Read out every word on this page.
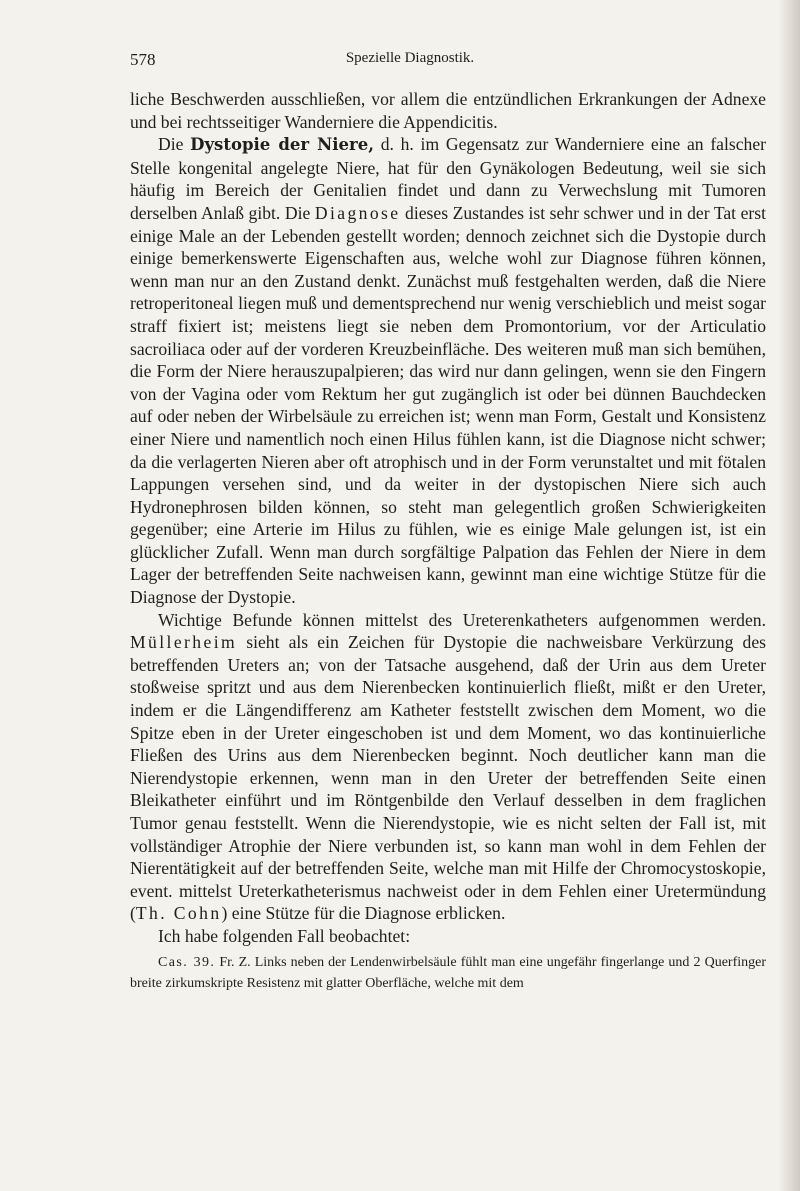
578	Spezielle Diagnostik.

liche Beschwerden ausschließen, vor allem die entzündlichen Erkrankungen der Adnexe und bei rechtsseitiger Wanderniere die Appendicitis.

Die Dystopie der Niere, d. h. im Gegensatz zur Wanderniere eine an falscher Stelle kongenital angelegte Niere, hat für den Gynäkologen Bedeutung, weil sie sich häufig im Bereich der Genitalien findet und dann zu Verwechslung mit Tumoren derselben Anlaß gibt. Die Diagnose dieses Zustandes ist sehr schwer und in der Tat erst einige Male an der Lebenden gestellt worden; dennoch zeichnet sich die Dystopie durch einige bemerkenswerte Eigenschaften aus, welche wohl zur Diagnose führen können, wenn man nur an den Zustand denkt. Zunächst muß festgehalten werden, daß die Niere retroperitoneal liegen muß und dementsprechend nur wenig verschieblich und meist sogar straff fixiert ist; meistens liegt sie neben dem Promontorium, vor der Articulatio sacroiliaca oder auf der vorderen Kreuzbeinfläche. Des weiteren muß man sich bemühen, die Form der Niere herauszupalpieren; das wird nur dann gelingen, wenn sie den Fingern von der Vagina oder vom Rektum her gut zugänglich ist oder bei dünnen Bauchdecken auf oder neben der Wirbelsäule zu erreichen ist; wenn man Form, Gestalt und Konsistenz einer Niere und namentlich noch einen Hilus fühlen kann, ist die Diagnose nicht schwer; da die verlagerten Nieren aber oft atrophisch und in der Form verunstaltet und mit fötalen Lappungen versehen sind, und da weiter in der dystopischen Niere sich auch Hydronephrosen bilden können, so steht man gelegentlich großen Schwierigkeiten gegenüber; eine Arterie im Hilus zu fühlen, wie es einige Male gelungen ist, ist ein glücklicher Zufall. Wenn man durch sorgfältige Palpation das Fehlen der Niere in dem Lager der betreffenden Seite nachweisen kann, gewinnt man eine wichtige Stütze für die Diagnose der Dystopie.

Wichtige Befunde können mittelst des Ureterenkatheters aufgenommen werden. Müllerheim sieht als ein Zeichen für Dystopie die nachweisbare Verkürzung des betreffenden Ureters an; von der Tatsache ausgehend, daß der Urin aus dem Ureter stoßweise spritzt und aus dem Nierenbecken kontinuierlich fließt, mißt er den Ureter, indem er die Längendifferenz am Katheter feststellt zwischen dem Moment, wo die Spitze eben in der Ureter eingeschoben ist und dem Moment, wo das kontinuierliche Fließen des Urins aus dem Nierenbecken beginnt. Noch deutlicher kann man die Nierendystopie erkennen, wenn man in den Ureter der betreffenden Seite einen Bleikatheter einführt und im Röntgenbilde den Verlauf desselben in dem fraglichen Tumor genau feststellt. Wenn die Nierendystopie, wie es nicht selten der Fall ist, mit vollständiger Atrophie der Niere verbunden ist, so kann man wohl in dem Fehlen der Nierentätigkeit auf der betreffenden Seite, welche man mit Hilfe der Chromocystoskopie, event. mittelst Ureterkatheterismus nachweist oder in dem Fehlen einer Uretermündung (Th. Cohn) eine Stütze für die Diagnose erblicken.

Ich habe folgenden Fall beobachtet:

Cas. 39. Fr. Z. Links neben der Lendenwirbelsäule fühlt man eine ungefähr fingerlange und 2 Querfinger breite zirkumskripte Resistenz mit glatter Oberfläche, welche mit dem
